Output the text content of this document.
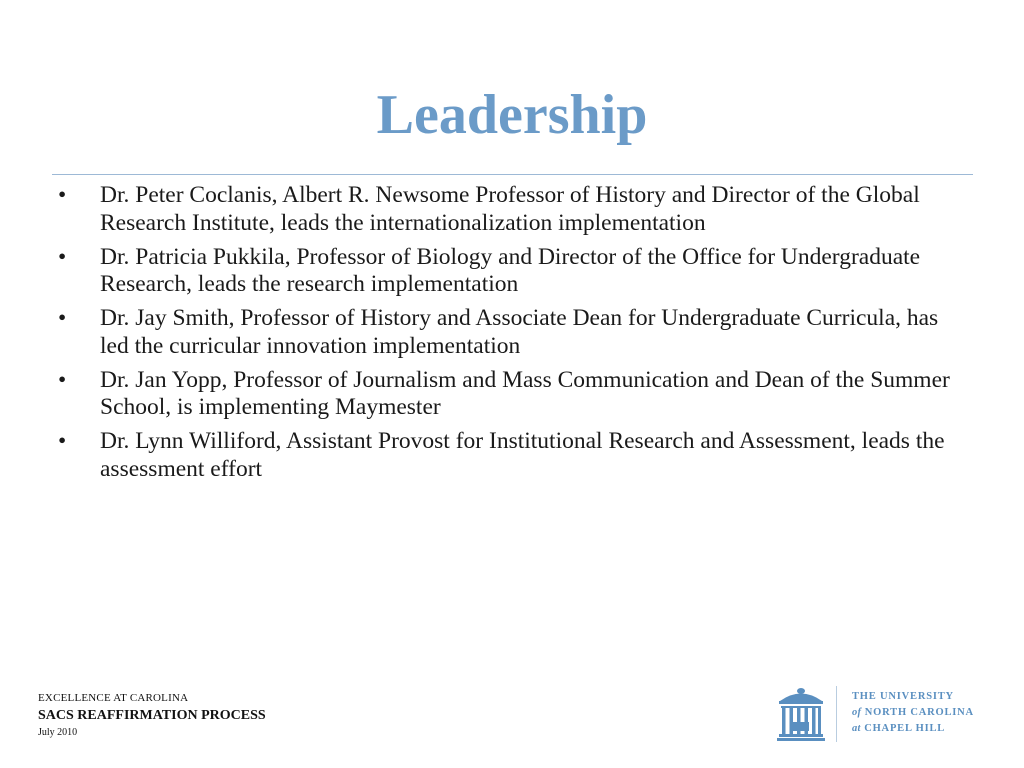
Leadership
• Dr. Peter Coclanis, Albert R. Newsome Professor of History and Director of the Global Research Institute, leads the internationalization implementation
• Dr. Patricia Pukkila, Professor of Biology and Director of the Office for Undergraduate Research, leads the research implementation
• Dr. Jay Smith, Professor of History and Associate Dean for Undergraduate Curricula, has led the curricular innovation implementation
• Dr. Jan Yopp, Professor of Journalism and Mass Communication and Dean of the Summer School, is implementing Maymester
• Dr. Lynn Williford, Assistant Provost for Institutional Research and Assessment, leads the assessment effort
EXCELLENCE AT CAROLINA
SACS REAFFIRMATION PROCESS
July 2010
THE UNIVERSITY
of NORTH CAROLINA
at CHAPEL HILL
